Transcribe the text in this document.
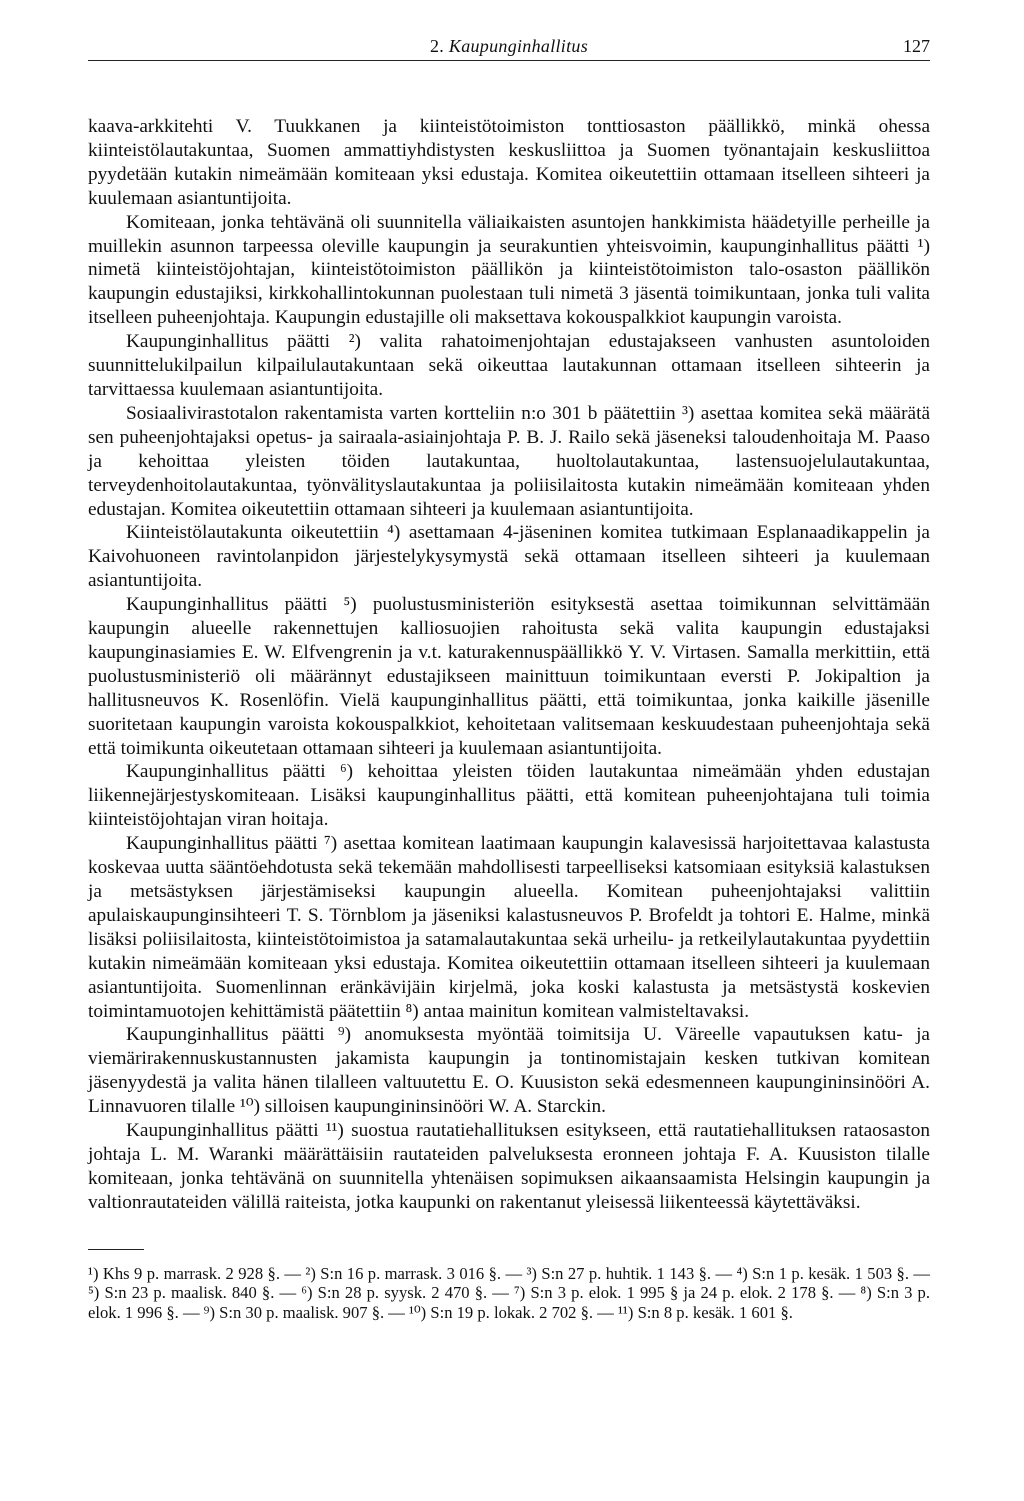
2. Kaupunginhallitus	127

kaava-arkkitehti V. Tuukkanen ja kiinteistötoimiston tonttiosaston päällikkö, minkä ohessa kiinteistölautakuntaa, Suomen ammattiyhdistysten keskusliittoa ja Suomen työnantajain keskusliittoa pyydetään kutakin nimeämään komiteaan yksi edustaja. Komitea oikeutettiin ottamaan itselleen sihteeri ja kuulemaan asiantuntijoita.

Komiteaan, jonka tehtävänä oli suunnitella väliaikaisten asuntojen hankkimista häädetyille perheille ja muillekin asunnon tarpeessa oleville kaupungin ja seurakuntien yhteisvoimin, kaupunginhallitus päätti ¹) nimetä kiinteistöjohtajan, kiinteistötoimiston päällikön ja kiinteistötoimiston talo-osaston päällikön kaupungin edustajiksi, kirkkohallintokunnan puolestaan tuli nimetä 3 jäsentä toimikuntaan, jonka tuli valita itselleen puheenjohtaja. Kaupungin edustajille oli maksettava kokouspalkkiot kaupungin varoista.

Kaupunginhallitus päätti ²) valita rahatoimenjohtajan edustajakseen vanhusten asuntoloiden suunnittelukilpailun kilpailulautakuntaan sekä oikeuttaa lautakunnan ottamaan itselleen sihteerin ja tarvittaessa kuulemaan asiantuntijoita.

Sosiaalivirastotalon rakentamista varten kortteliin n:o 301 b päätettiin ³) asettaa komitea sekä määrätä sen puheenjohtajaksi opetus- ja sairaala-asiainjohtaja P. B. J. Railo sekä jäseneksi taloudenhoitaja M. Paaso ja kehoittaa yleisten töiden lautakuntaa, huoltolautakuntaa, lastensuojelulautakuntaa, terveydenhoitolautakuntaa, työnvälityslautakuntaa ja poliisilaitosta kutakin nimeämään komiteaan yhden edustajan. Komitea oikeutettiin ottamaan sihteeri ja kuulemaan asiantuntijoita.

Kiinteistölautakunta oikeutettiin ⁴) asettamaan 4-jäseninen komitea tutkimaan Esplanaadikappelin ja Kaivohuoneen ravintolanpidon järjestelykysymystä sekä ottamaan itselleen sihteeri ja kuulemaan asiantuntijoita.

Kaupunginhallitus päätti ⁵) puolustusministeriön esityksestä asettaa toimikunnan selvittämään kaupungin alueelle rakennettujen kalliosuojien rahoitusta sekä valita kaupungin edustajaksi kaupunginasiamies E. W. Elfvengrenin ja v.t. katurakennuspäällikkö Y. V. Virtasen. Samalla merkittiin, että puolustusministeriö oli määrännyt edustajikseen mainittuun toimikuntaan eversti P. Jokipaltion ja hallitusneuvos K. Rosenlöfin. Vielä kaupunginhallitus päätti, että toimikuntaa, jonka kaikille jäsenille suoritetaan kaupungin varoista kokouspalkkiot, kehoitetaan valitsemaan keskuudestaan puheenjohtaja sekä että toimikunta oikeutetaan ottamaan sihteeri ja kuulemaan asiantuntijoita.

Kaupunginhallitus päätti ⁶) kehoittaa yleisten töiden lautakuntaa nimeämään yhden edustajan liikennejärjestyskomiteaan. Lisäksi kaupunginhallitus päätti, että komitean puheenjohtajana tuli toimia kiinteistöjohtajan viran hoitaja.

Kaupunginhallitus päätti ⁷) asettaa komitean laatimaan kaupungin kalavesissä harjoitettavaa kalastusta koskevaa uutta sääntöehdotusta sekä tekemään mahdollisesti tarpeelliseksi katsomiaan esityksiä kalastuksen ja metsästyksen järjestämiseksi kaupungin alueella. Komitean puheenjohtajaksi valittiin apulaiskaupunginsihteeri T. S. Törnblom ja jäseniksi kalastusneuvos P. Brofeldt ja tohtori E. Halme, minkä lisäksi poliisilaitosta, kiinteistötoimistoa ja satamalautakuntaa sekä urheilu- ja retkeilylautakuntaa pyydettiin kutakin nimeämään komiteaan yksi edustaja. Komitea oikeutettiin ottamaan itselleen sihteeri ja kuulemaan asiantuntijoita. Suomenlinnan eränkävijäin kirjelmä, joka koski kalastusta ja metsästystä koskevien toimintamuotojen kehittämistä päätettiin ⁸) antaa mainitun komitean valmisteltavaksi.

Kaupunginhallitus päätti ⁹) anomuksesta myöntää toimitsija U. Väreelle vapautuksen katu- ja viemärirakennuskustannusten jakamista kaupungin ja tontinomistajain kesken tutkivan komitean jäsenyydestä ja valita hänen tilalleen valtuutettu E. O. Kuusiston sekä edesmenneen kaupungininsinööri A. Linnavuoren tilalle ¹⁰) silloisen kaupungininsinööri W. A. Starckin.

Kaupunginhallitus päätti ¹¹) suostua rautatiehallituksen esitykseen, että rautatiehallituksen rataosaston johtaja L. M. Waranki määrättäisiin rautateiden palveluksesta eronneen johtaja F. A. Kuusiston tilalle komiteaan, jonka tehtävänä on suunnitella yhtenäisen sopimuksen aikaansaamista Helsingin kaupungin ja valtionrautateiden välillä raiteista, jotka kaupunki on rakentanut yleisessä liikenteessä käytettäväksi.

¹) Khs 9 p. marrask. 2 928 §. — ²) S:n 16 p. marrask. 3 016 §. — ³) S:n 27 p. huhtik. 1 143 §. — ⁴) S:n 1 p. kesäk. 1 503 §. — ⁵) S:n 23 p. maalisk. 840 §. — ⁶) S:n 28 p. syysk. 2 470 §. — ⁷) S:n 3 p. elok. 1 995 § ja 24 p. elok. 2 178 §. — ⁸) S:n 3 p. elok. 1 996 §. — ⁹) S:n 30 p. maalisk. 907 §. — ¹⁰) S:n 19 p. lokak. 2 702 §. — ¹¹) S:n 8 p. kesäk. 1 601 §.
